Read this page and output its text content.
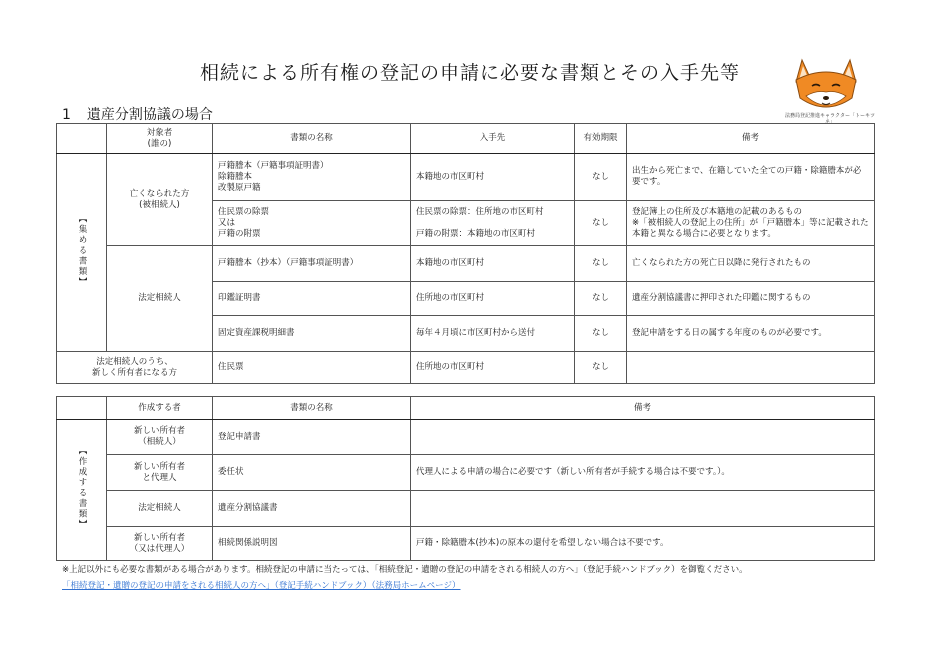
相続による所有権の登記の申請に必要な書類とその入手先等
法務局登記推進キャラクター「トーキツネ」
1 遺産分割協議の場合

	対象者
(誰の)	書類の名称	入手先	有効期限	備考
【集める書類】	亡くなられた方
(被相続人)	戸籍謄本（戸籍事項証明書）
除籍謄本
改製原戸籍	本籍地の市区町村	なし	出生から死亡まで、在籍していた全ての戸籍・除籍謄本が必要です。
		住民票の除票
又は
戸籍の附票	住民票の除票：住所地の市区町村

戸籍の附票：本籍地の市区町村	なし	登記簿上の住所及び本籍地の記載のあるもの
※「被相続人の登記上の住所」が「戸籍謄本」等に記載された本籍と異なる場合に必要となります。
	法定相続人	戸籍謄本（抄本）（戸籍事項証明書）	本籍地の市区町村	なし	亡くなられた方の死亡日以降に発行されたもの
		印鑑証明書	住所地の市区町村	なし	遺産分割協議書に押印された印鑑に関するもの
		固定資産課税明細書	毎年４月頃に市区町村から送付	なし	登記申請をする日の属する年度のものが必要です。
法定相続人のうち、
新しく所有者になる方		住民票	住所地の市区町村	なし	
	作成する者	書類の名称	備考
【作成する書類】	新しい所有者
（相続人）	登記申請書	
	新しい所有者
と代理人	委任状	代理人による申請の場合に必要です（新しい所有者が手続する場合は不要です。）。
	法定相続人	遺産分割協議書	
	新しい所有者
（又は代理人）	相続関係説明図	戸籍・除籍謄本(抄本)の原本の還付を希望しない場合は不要です。
※上記以外にも必要な書類がある場合があります。相続登記の申請に当たっては、「相続登記・遺贈の登記の申請をされる相続人の方へ」（登記手続ハンドブック）を御覧ください。
「相続登記・遺贈の登記の申請をされる相続人の方へ」（登記手続ハンドブック）（法務局ホームページ）
